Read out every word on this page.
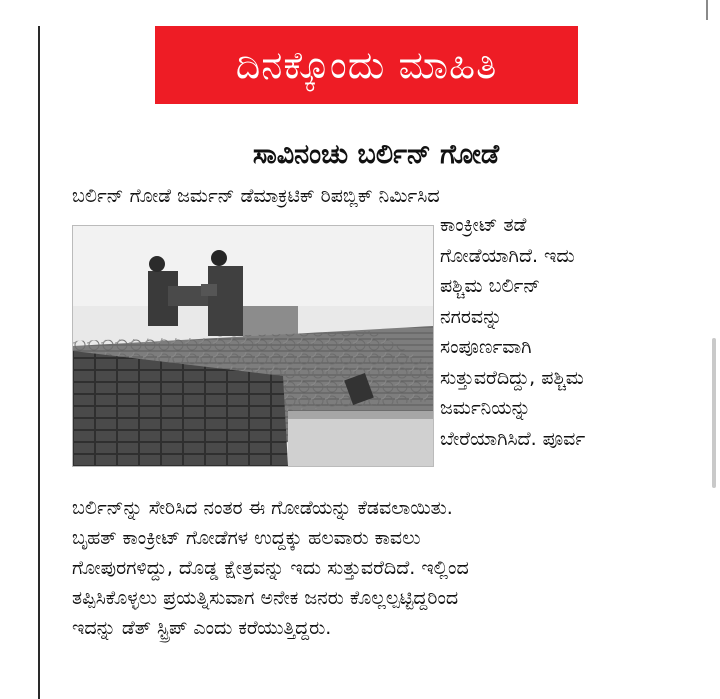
ದಿನಕ್ಕೊಂದು ಮಾಹಿತಿ
ಸಾವಿನಂಚು ಬರ್ಲಿನ್ ಗೋಡೆ
ಬರ್ಲಿನ್ ಗೋಡೆ ಜರ್ಮನ್ ಡೆಮಾಕ್ರಟಿಕ್ ರಿಪಬ್ಲಿಕ್ ನಿರ್ಮಿಸಿದ
ಕಾಂಕ್ರೀಟ್ ತಡೆ
ಗೋಡೆಯಾಗಿದೆ. ಇದು
ಪಶ್ಚಿಮ ಬರ್ಲಿನ್
ನಗರವನ್ನು
ಸಂಪೂರ್ಣವಾಗಿ
ಸುತ್ತುವರೆದಿದ್ದು, ಪಶ್ಚಿಮ
ಜರ್ಮನಿಯನ್ನು
ಬೇರೆಯಾಗಿಸಿದೆ. ಪೂರ್ವ
ಬರ್ಲಿನ್‌ನ್ನು ಸೇರಿಸಿದ ನಂತರ ಈ ಗೋಡೆಯನ್ನು ಕೆಡವಲಾಯಿತು.
ಬೃಹತ್ ಕಾಂಕ್ರೀಟ್ ಗೋಡೆಗಳ ಉದ್ದಕ್ಕು ಹಲವಾರು ಕಾವಲು
ಗೋಪುರಗಳಿದ್ದು, ದೊಡ್ಡ ಕ್ಷೇತ್ರವನ್ನು ಇದು ಸುತ್ತುವರೆದಿದೆ. ಇಲ್ಲಿಂದ
ತಪ್ಪಿಸಿಕೊಳ್ಳಲು ಪ್ರಯತ್ನಿಸುವಾಗ ಅನೇಕ ಜನರು ಕೊಲ್ಲಲ್ಪಟ್ಟಿದ್ದರಿಂದ
ಇದನ್ನು ಡೆತ್ ಸ್ಟ್ರಿಪ್ ಎಂದು ಕರೆಯುತ್ತಿದ್ದರು.
